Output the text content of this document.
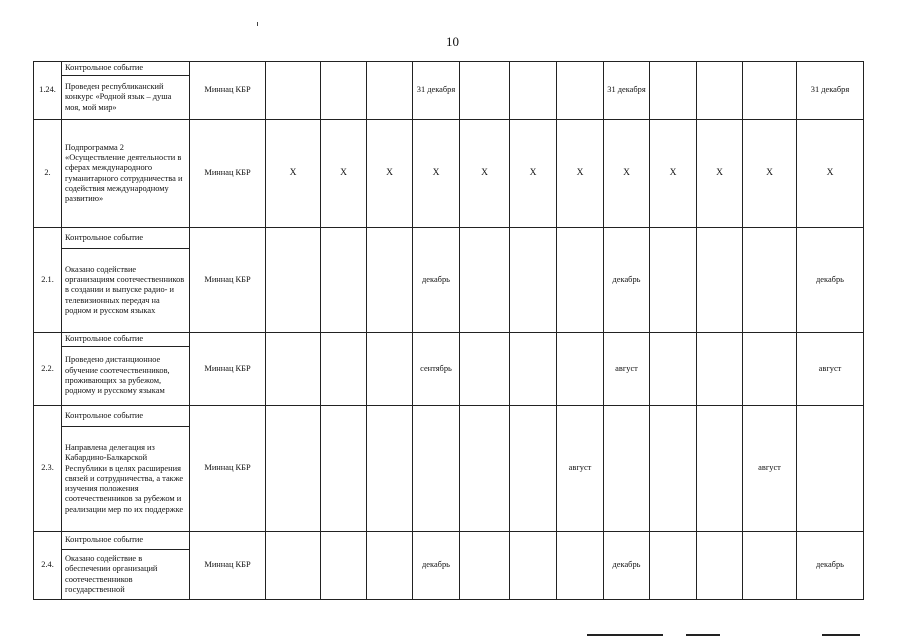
10
1.24.	Контрольное событие	Миннац КБР				31 декабря				31 декабря				31 декабря
	Проведен республиканский конкурс «Родной язык – душа моя, мой мир»													
2.	Подпрограмма 2 «Осуществление деятельности в сферах международного гуманитарного сотрудничества и содействия международному развитию»	Миннац КБР	X	X	X	X	X	X	X	X	X	X	X	X
2.1.	Контрольное событие	Миннац КБР				декабрь				декабрь				декабрь
	Оказано содействие организациям соотечественников в создании и выпуске радио- и телевизионных передач на родном и русском языках													
2.2.	Контрольное событие	Миннац КБР				сентябрь				август				август
	Проведено дистанционное обучение соотечественников, проживающих за рубежом, родному и русскому языкам													
2.3.	Контрольное событие	Миннац КБР							август				август	
	Направлена делегация из Кабардино-Балкарской Республики в целях расширения связей и сотрудничества, а также изучения положения соотечественников за рубежом и реализации мер по их поддержке													
2.4.	Контрольное событие	Миннац КБР				декабрь				декабрь				декабрь
	Оказано содействие в обеспечении организаций соотечественников государственной													
